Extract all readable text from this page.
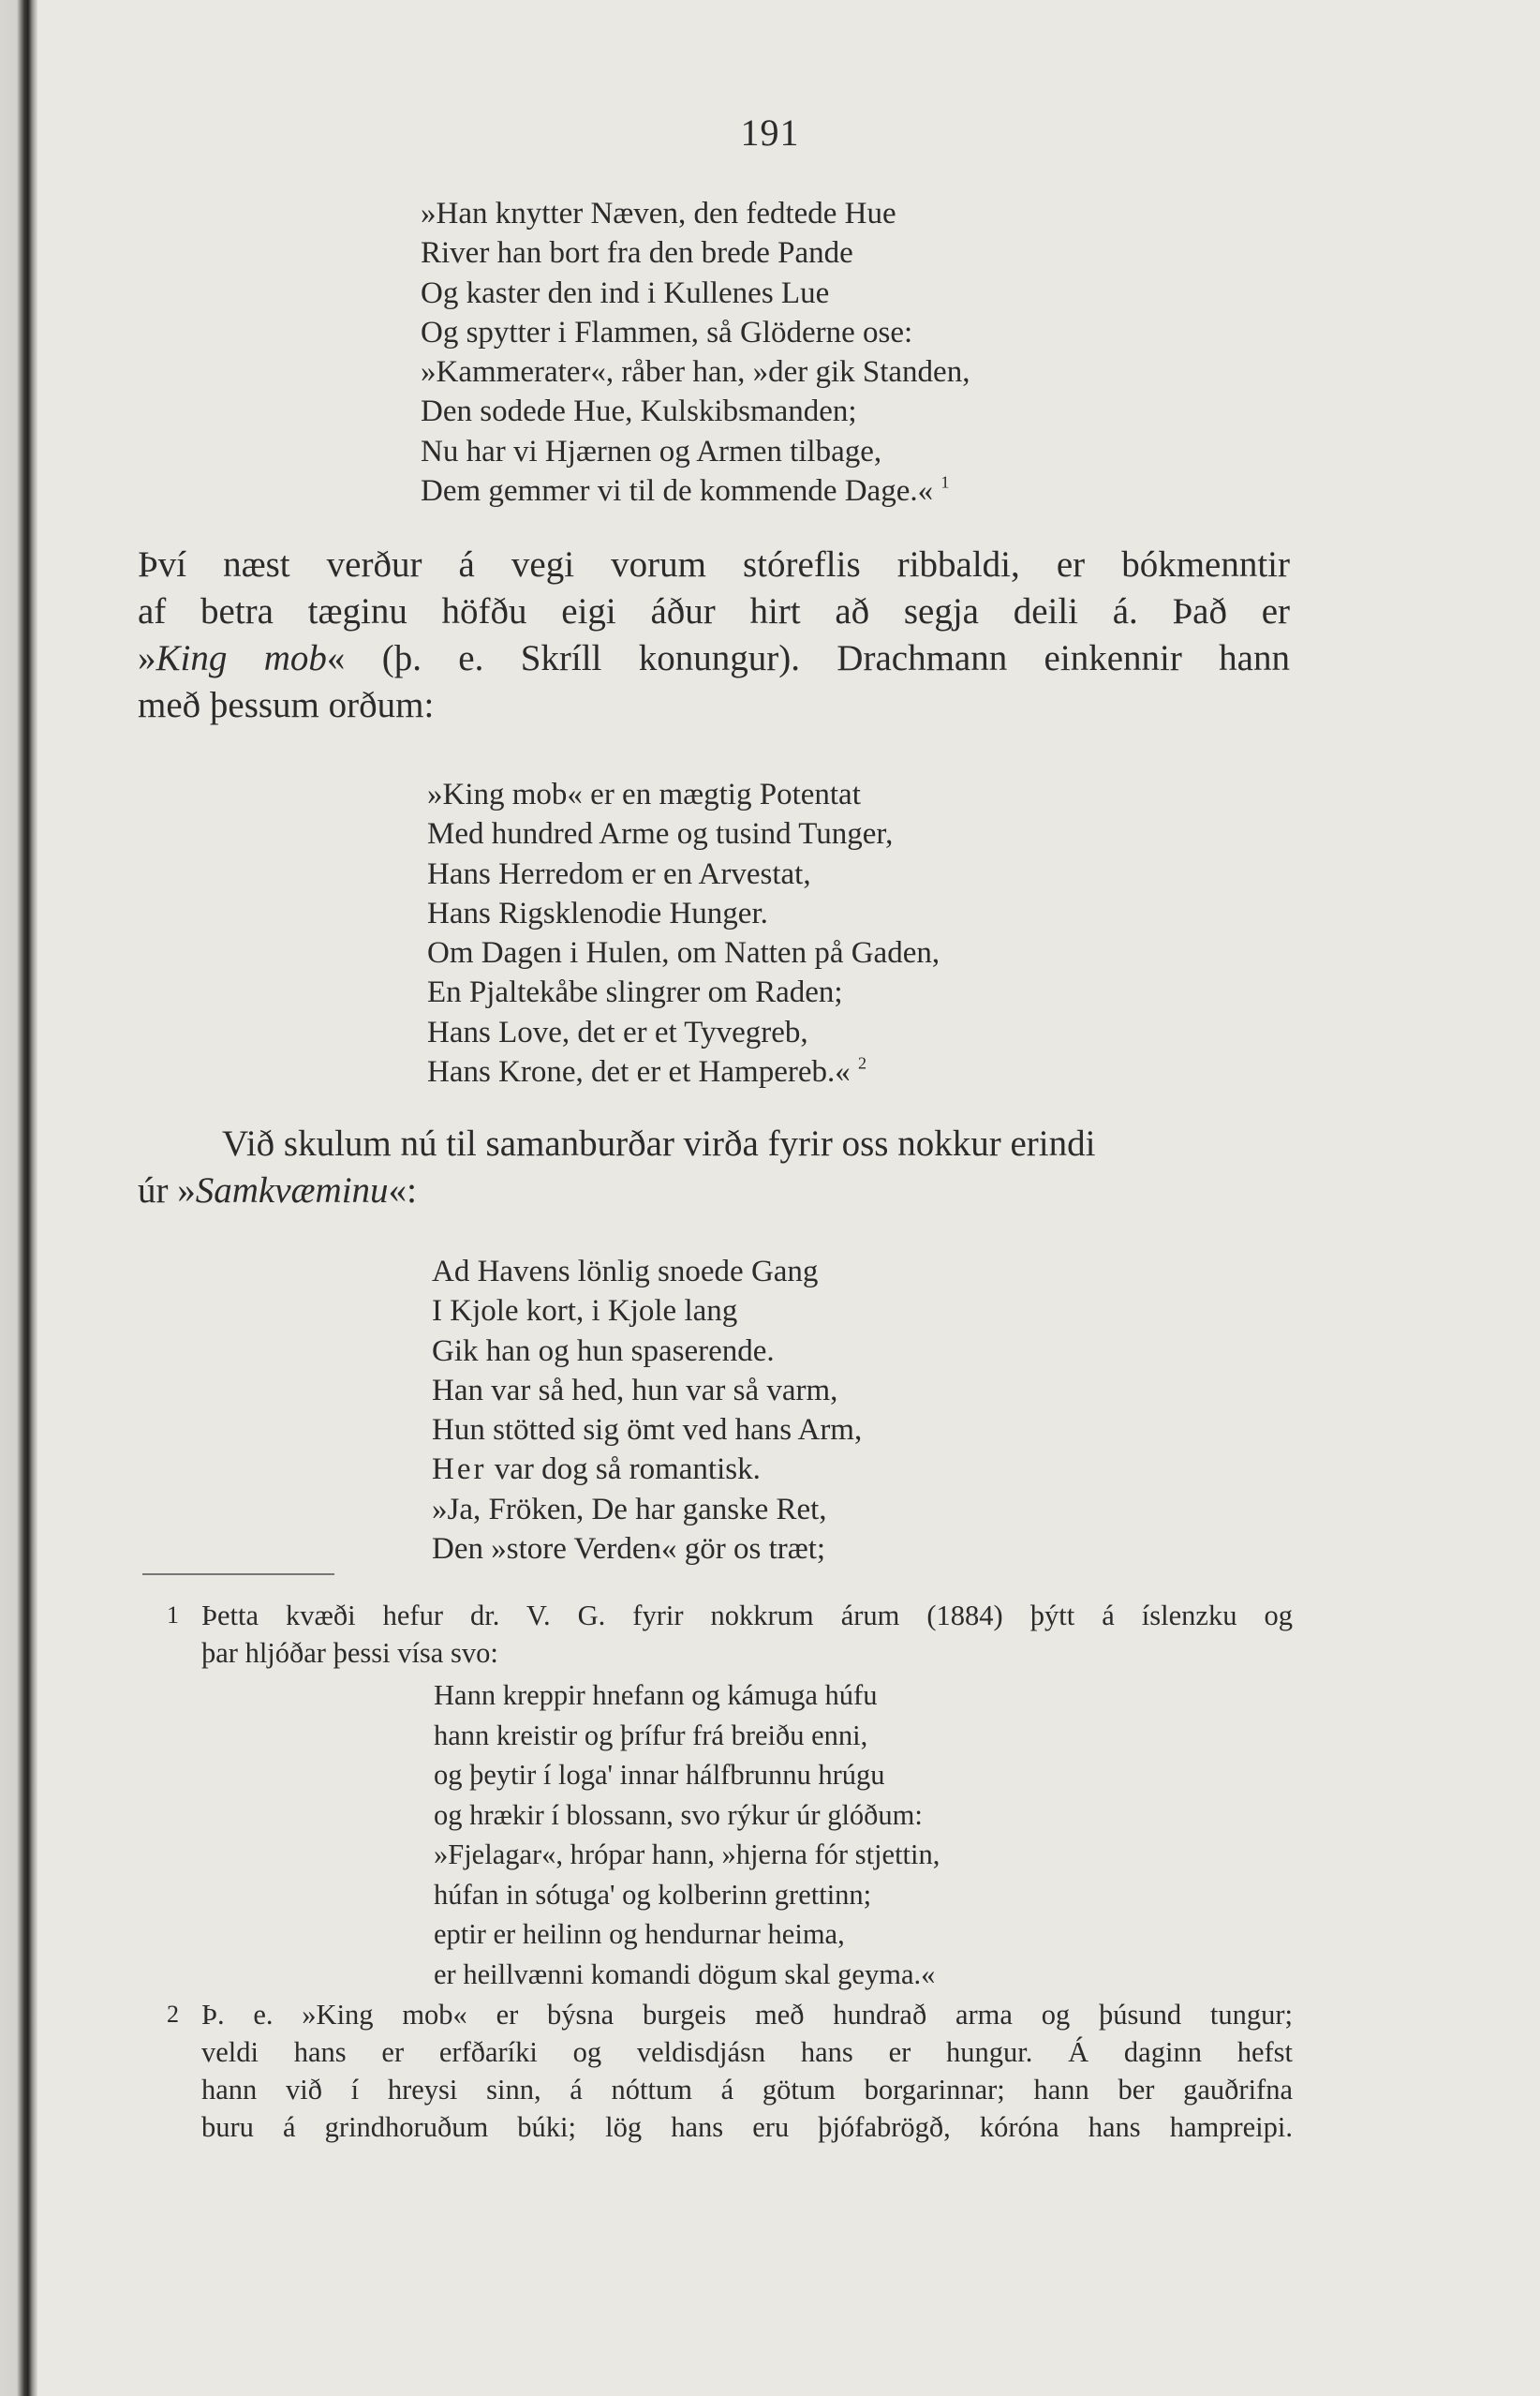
191
»Han knytter Næven, den fedtede Hue
River han bort fra den brede Pande
Og kaster den ind i Kullenes Lue
Og spytter i Flammen, så Glöderne ose:
»Kammerater«, råber han, »der gik Standen,
Den sodede Hue, Kulskibsmanden;
Nu har vi Hjærnen og Armen tilbage,
Dem gemmer vi til de kommende Dage.« $^1$
Því næst verður á vegi vorum stóreflis ribbaldi, er bókmenntir
af betra tæginu höfðu eigi áður hirt að segja deili á. Það er
»King mob« (þ. e. Skríll konungur). Drachmann einkennir hann
með þessum orðum:
»King mob« er en mægtig Potentat
Med hundred Arme og tusind Tunger,
Hans Herredom er en Arvestat,
Hans Rigsklenodie Hunger.
Om Dagen i Hulen, om Natten på Gaden,
En Pjaltekåbe slingrer om Raden;
Hans Love, det er et Tyvegreb,
Hans Krone, det er et Hampereb.« $^2$
Við skulum nú til samanburðar virða fyrir oss nokkur erindi
úr »Samkvæminu«:
Ad Havens lönlig snoede Gang
I Kjole kort, i Kjole lang
Gik han og hun spaserende.
Han var så hed, hun var så varm,
Hun stötted sig ömt ved hans Arm,
Her var dog så romantisk.
»Ja, Fröken, De har ganske Ret,
Den »store Verden« gör os træt;
1 Þetta kvæði hefur dr. V. G. fyrir nokkrum árum (1884) þýtt á íslenzku og
þar hljóðar þessi vísa svo:
Hann kreppir hnefann og kámuga húfu
hann kreistir og þrífur frá breiðu enni,
og þeytir í loga' innar hálfbrunnu hrúgu
og hrækir í blossann, svo rýkur úr glóðum:
»Fjelagar«, hrópar hann, »hjerna fór stjettin,
húfan in sótuga' og kolberinn grettinn;
eptir er heilinn og hendurnar heima,
er heillvænni komandi dögum skal geyma.«
2 Þ. e. »King mob« er býsna burgeis með hundrað arma og þúsund tungur;
veldi hans er erfðaríki og veldisdjásn hans er hungur. Á daginn hefst
hann við í hreysi sinn, á nóttum á götum borgarinnar; hann ber gauðrifna
buru á grindhoruðum búki; lög hans eru þjófabrögð, kóróna hans hampreipi.
